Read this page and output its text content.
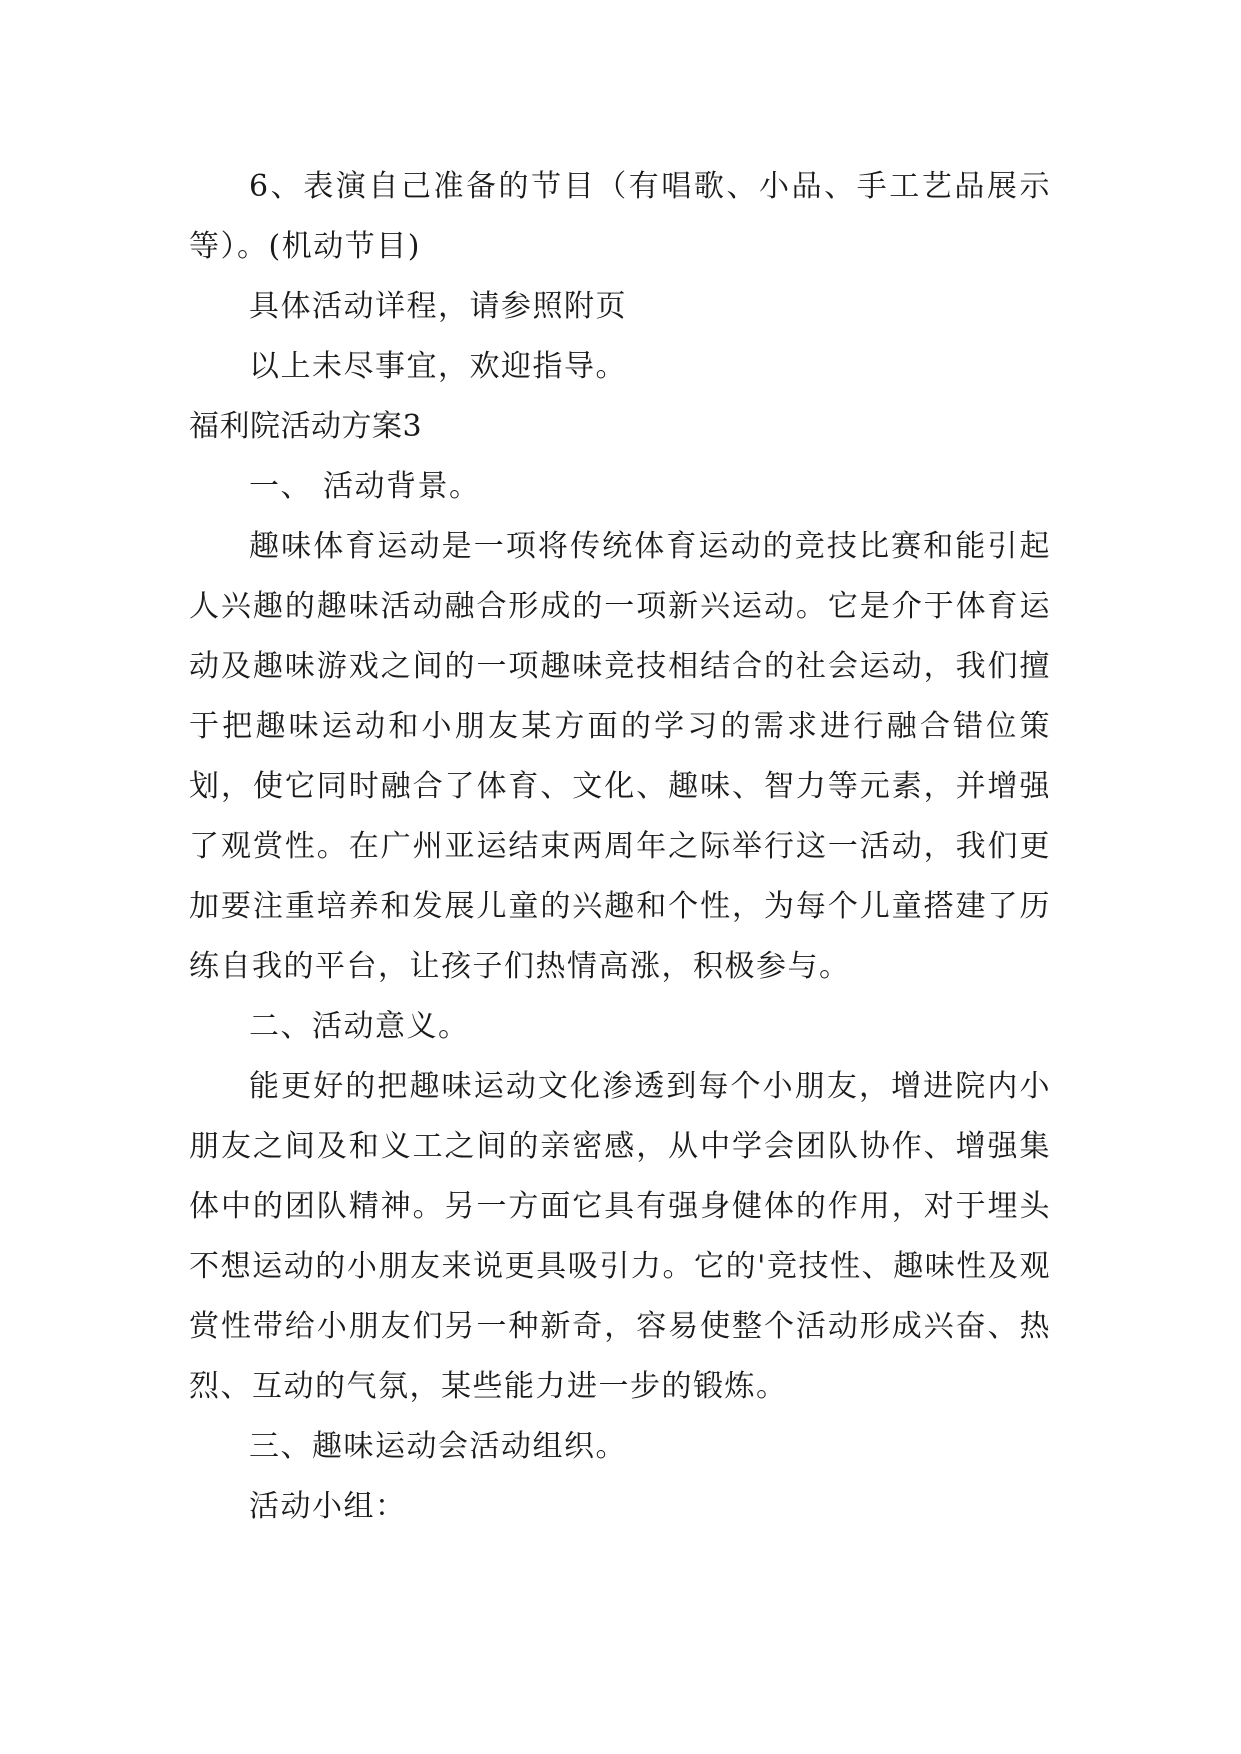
6、表演自己准备的节目（有唱歌、小品、手工艺品展示等）。(机动节目)

具体活动详程，请参照附页

以上未尽事宜，欢迎指导。

福利院活动方案3

一、 活动背景。

趣味体育运动是一项将传统体育运动的竞技比赛和能引起人兴趣的趣味活动融合形成的一项新兴运动。它是介于体育运动及趣味游戏之间的一项趣味竞技相结合的社会运动，我们擅于把趣味运动和小朋友某方面的学习的需求进行融合错位策划，使它同时融合了体育、文化、趣味、智力等元素，并增强了观赏性。在广州亚运结束两周年之际举行这一活动，我们更加要注重培养和发展儿童的兴趣和个性，为每个儿童搭建了历练自我的平台，让孩子们热情高涨，积极参与。

二、活动意义。

能更好的把趣味运动文化渗透到每个小朋友，增进院内小朋友之间及和义工之间的亲密感，从中学会团队协作、增强集体中的团队精神。另一方面它具有强身健体的作用，对于埋头不想运动的小朋友来说更具吸引力。它的'竞技性、趣味性及观赏性带给小朋友们另一种新奇，容易使整个活动形成兴奋、热烈、互动的气氛，某些能力进一步的锻炼。

三、趣味运动会活动组织。

活动小组：
